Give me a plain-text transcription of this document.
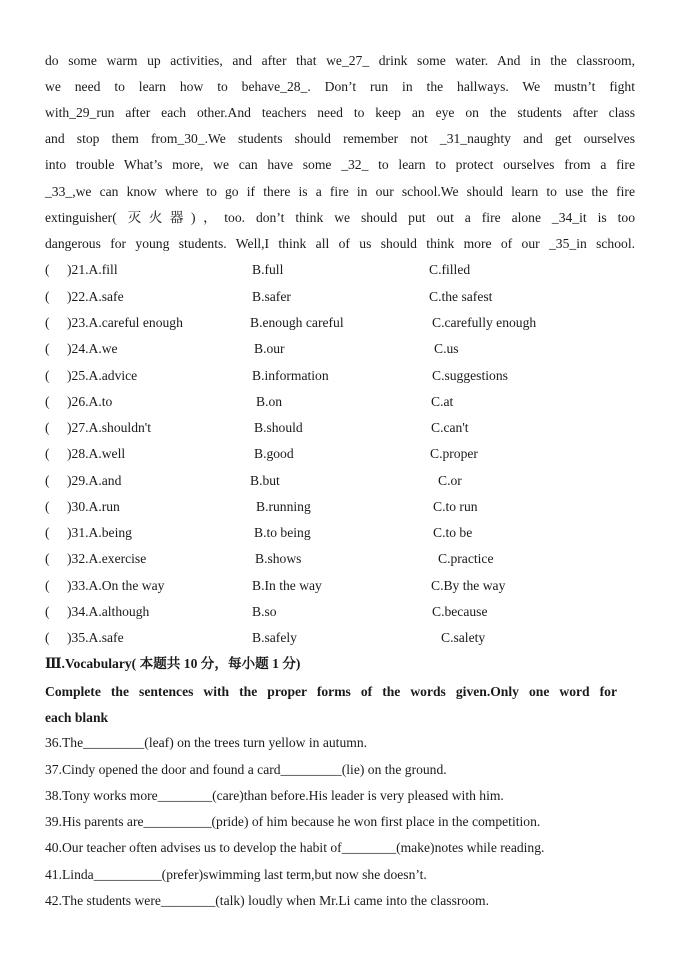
do some warm up activities, and after that we_27_ drink some water. And in the classroom,
we need to learn how to behave_28_. Don’t run in the hallways. We mustn’t fight
with_29_run after each other.And teachers need to keep an eye on the students after class
and stop them from_30_.We students should remember not _31_naughty and get ourselves
into trouble What’s more, we can have some _32_ to learn to protect ourselves from a fire
_33_,we can know where to go if there is a fire in our school.We should learn to use the fire
extinguisher( 灭火器)，too. don’t think we should put out a fire alone _34_it is too
dangerous for young students. Well,I think all of us should think more of our _35_in school.
( )21.A.fill	B.full	C.filled
( )22.A.safe	B.safer	C.the safest
( )23.A.careful enough	B.enough careful	C.carefully enough
( )24.A.we	B.our	C.us
( )25.A.advice	B.information	C.suggestions
( )26.A.to	B.on	C.at
( )27.A.shouldn't	B.should	C.can't
( )28.A.well	B.good	C.proper
( )29.A.and	B.but	C.or
( )30.A.run	B.running	C.to run
( )31.A.being	B.to being	C.to be
( )32.A.exercise	B.shows	C.practice
( )33.A.On the way	B.In the way	C.By the way
( )34.A.although	B.so	C.because
( )35.A.safe	B.safely	C.salety
Ⅲ.Vocabulary( 本题共 10 分，每小题 1 分)
Complete the sentences with the proper forms of the words given.Only one word for
each blank
36.The_________(leaf) on the trees turn yellow in autumn.
37.Cindy opened the door and found a card_________(lie) on the ground.
38.Tony works more________(care)than before.His leader is very pleased with him.
39.His parents are__________(pride) of him because he won first place in the competition.
40.Our teacher often advises us to develop the habit of________(make)notes while reading.
41.Linda__________(prefer)swimming last term,but now she doesn’t.
42.The students were________(talk) loudly when Mr.Li came into the classroom.
